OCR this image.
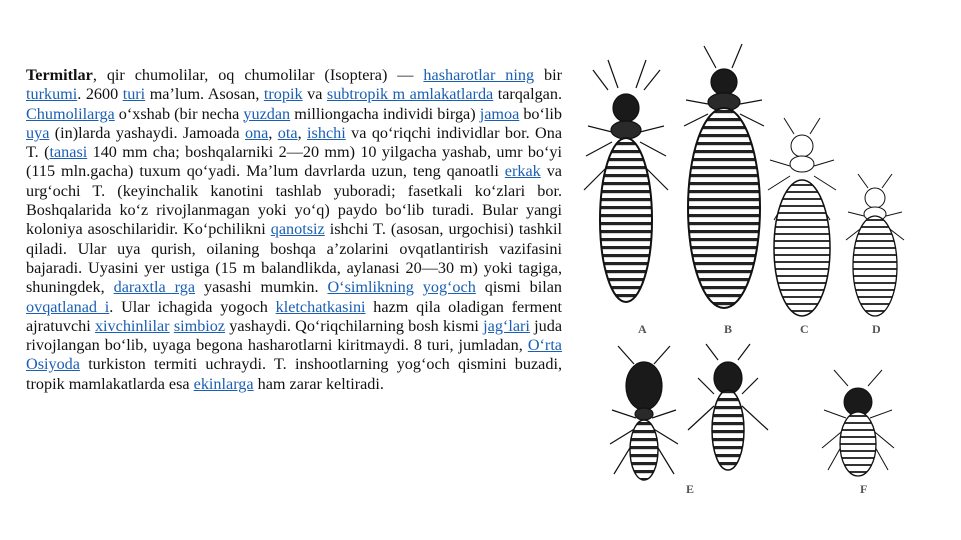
Termitlar, qir chumolilar, oq chumolilar (Isoptera) — hasharotlar ning bir turkumi. 2600 turi ma’lum. Asosan, tropik va subtropik m amlakatlarda tarqalgan. Chumolilarga o‘xshab (bir necha yuzdan milliongacha individi birga) jamoa bo‘lib uya (in)larda yashaydi. Jamoada ona, ota, ishchi va qo‘riqchi individlar bor. Ona T. (tanasi 140 mm cha; boshqalarniki 2—20 mm) 10 yilgacha yashab, umr bo‘yi (115 mln.gacha) tuxum qo‘yadi. Ma’lum davrlarda uzun, teng qanoatli erkak va urg‘ochi T. (keyinchalik kanotini tashlab yuboradi; fasetkali ko‘zlari bor. Boshqalarida ko‘z rivojlanmagan yoki yo‘q) paydo bo‘lib turadi. Bular yangi koloniya asoschilaridir. Ko‘pchilikni qanotsiz ishchi T. (asosan, urgochisi) tashkil qiladi. Ular uya qurish, oilaning boshqa a’zolarini ovqatlantirish vazifasini bajaradi. Uyasini yer ustiga (15 m balandlikda, aylanasi 20—30 m) yoki tagiga, shuningdek, daraxtla rga yasashi mumkin. O‘simlikning yog‘och qismi bilan ovqatlanad i. Ular ichagida yogoch kletchatkasini hazm qila oladigan ferment ajratuvchi xivchinlilar simbioz yashaydi. Qo‘riqchilarning bosh kismi jag‘lari juda rivojlangan bo‘lib, uyaga begona hasharotlarni kiritmaydi. 8 turi, jumladan, O‘rta Osiyoda turkiston termiti uchraydi. T. inshootlarning yog‘och qismini buzadi, tropik mamlakatlarda esa ekinlarga ham zarar keltiradi.
A	B	C	D
E	F
